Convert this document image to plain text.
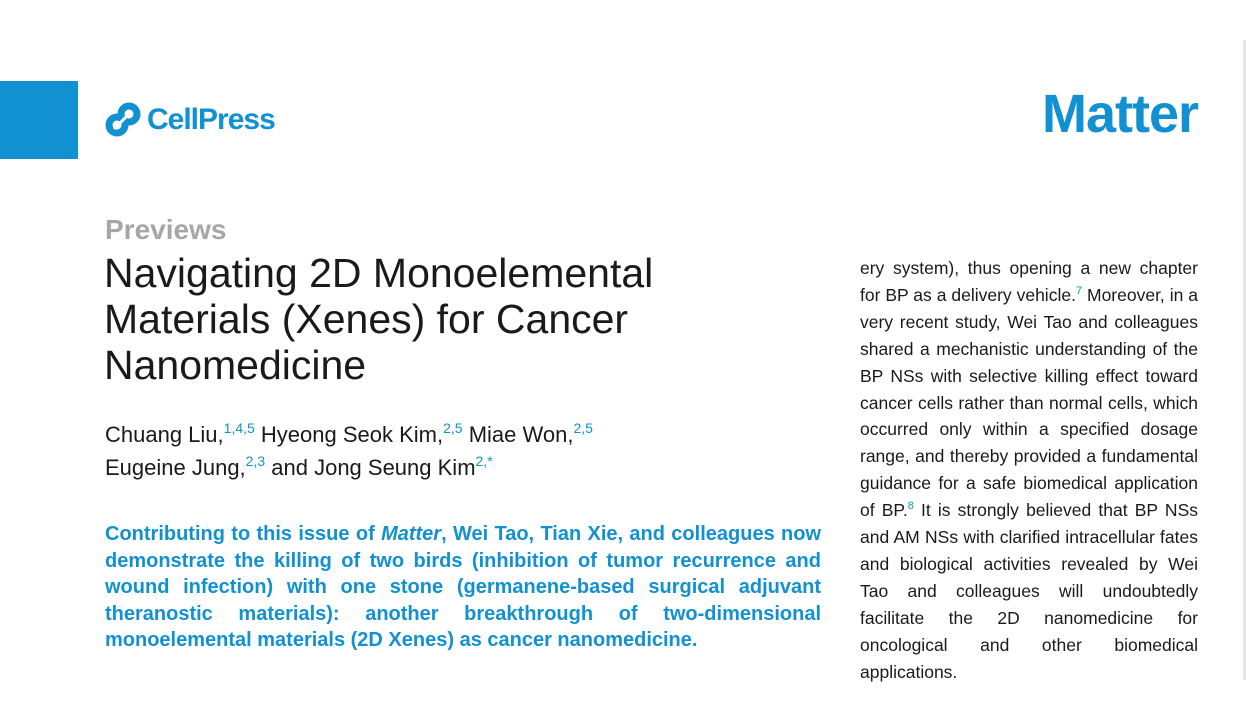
CellPress	Matter
Previews
Navigating 2D Monoelemental Materials (Xenes) for Cancer Nanomedicine
Chuang Liu,$^{1,4,5}$ Hyeong Seok Kim,$^{2,5}$ Miae Won,$^{2,5}$
Eugeine Jung,$^{2,3}$ and Jong Seung Kim$^{2,*}$
Contributing to this issue of Matter, Wei Tao, Tian Xie, and colleagues now demonstrate the killing of two birds (inhibition of tumor recurrence and wound infection) with one stone (germanene-based surgical adjuvant theranostic materials): another breakthrough of two-dimensional monoelemental materials (2D Xenes) as cancer nanomedicine.
ery system), thus opening a new chapter for BP as a delivery vehicle.$^7$ Moreover, in a very recent study, Wei Tao and colleagues shared a mechanistic understanding of the BP NSs with selective killing effect toward cancer cells rather than normal cells, which occurred only within a specified dosage range, and thereby provided a fundamental guidance for a safe biomedical application of BP.$^8$ It is strongly believed that BP NSs and AM NSs with clarified intracellular fates and biological activities revealed by Wei Tao and colleagues will undoubtedly facilitate the 2D nanomedicine for oncological and other biomedical applications.
